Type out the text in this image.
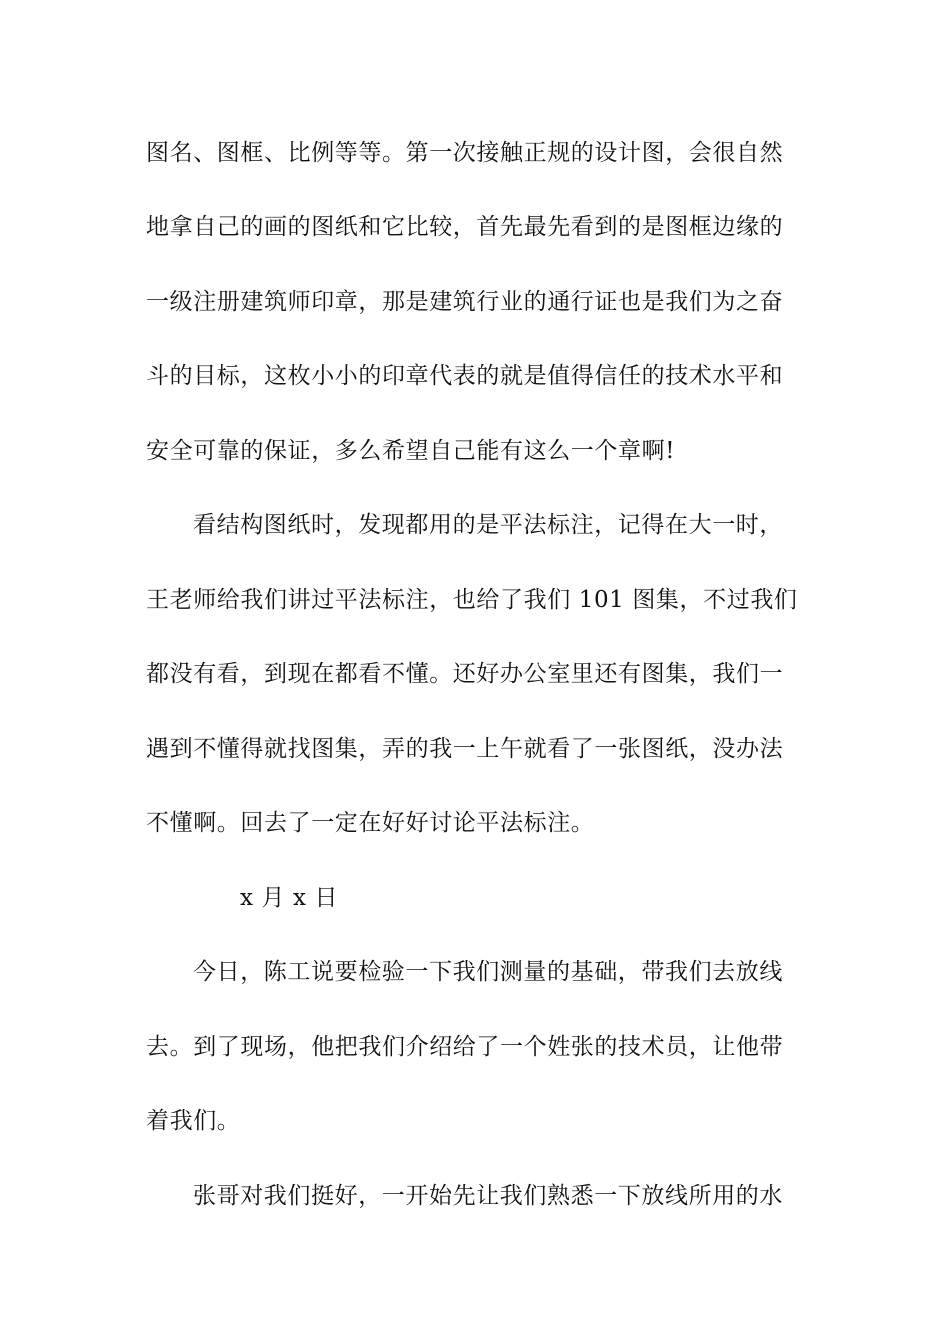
图名、图框、比例等等。第一次接触正规的设计图，会很自然
地拿自己的画的图纸和它比较，首先最先看到的是图框边缘的
一级注册建筑师印章，那是建筑行业的通行证也是我们为之奋
斗的目标，这枚小小的印章代表的就是值得信任的技术水平和
安全可靠的保证，多么希望自己能有这么一个章啊!
看结构图纸时，发现都用的是平法标注，记得在大一时，
王老师给我们讲过平法标注，也给了我们 101 图集，不过我们
都没有看，到现在都看不懂。还好办公室里还有图集，我们一
遇到不懂得就找图集，弄的我一上午就看了一张图纸，没办法
不懂啊。回去了一定在好好讨论平法标注。
x 月 x 日
今日，陈工说要检验一下我们测量的基础，带我们去放线
去。到了现场，他把我们介绍给了一个姓张的技术员，让他带
着我们。
张哥对我们挺好，一开始先让我们熟悉一下放线所用的水
